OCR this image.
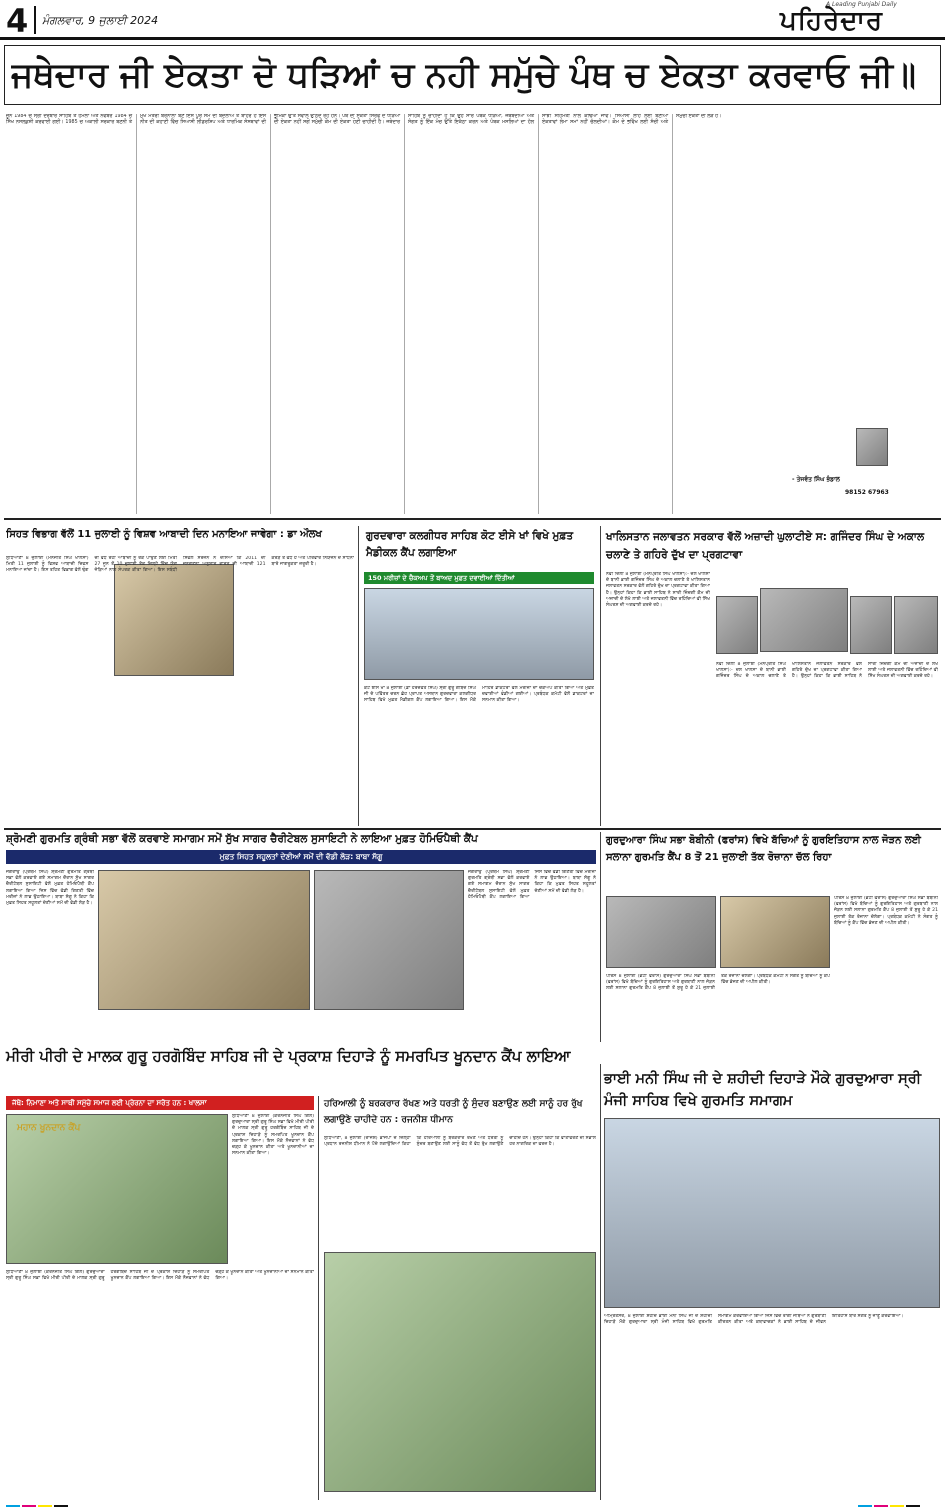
4 ਮੰਗਲਵਾਰ, 9 ਜੁਲਾਈ 2024
A Leading Punjabi Daily
ਪਹਿਰੇਦਾਰ
ਜਥੇਦਾਰ ਜੀ ਏਕਤਾ ਦੋ ਧੜਿਆਂ ਚ ਨਹੀ ਸਮੁੱਚੇ ਪੰਥ ਚ ਏਕਤਾ ਕਰਵਾਓ ਜੀ॥
ਜੂਨ 1984 ਚ ਸ੍ਰੀ ਦਰਬਾਰ ਸਾਹਿਬ ਤੇ ਹਮਲਾ ਅਤੇ ਨਵੰਬਰ 1984 ਚ ਸਿੱਖ ਨਸਲਕੁਸ਼ੀ ਕਰਵਾਈ ਗਈ। 1985 ਚ ਅਕਾਲੀ ਸਰਕਾਰ ਬਣਨੀ ਤੇ ਮੁੱਖ ਮੰਤਰੀ ਬਰਨਾਲਾ ਬਣੇ ਇਸ ਪੂਰੇ ਸਮੇਂ ਦੀ ਬਦਲਾਅ ਤੋਂ ਬਾਹਰ ਹੋ ਇਸ ਨੀਤ ਦੀ ਕਹਾਣੀ ਵਿੱਚ ਸਿਆਸੀ ਲੀਡਰਸ਼ਿਪ ਅਤੇ ਧਾਰਮਿਕ ਸੰਸਥਾਵਾਂ ਦੀ ਭੂਮਿਕਾ ਉੱਤੇ ਸਵਾਲ ਉੱਠਦੇ ਰਹੇ ਹਨ। ਪੰਥ ਦੀ ਏਕਤਾ ਸਿਰਫ ਦੋ ਧੜਿਆਂ ਦੀ ਏਕਤਾ ਨਹੀਂ ਸਗੋਂ ਸਮੁੱਚੀ ਕੌਮ ਦੀ ਏਕਤਾ ਹੋਣੀ ਚਾਹੀਦੀ ਹੈ। ਜਥੇਦਾਰ ਸਾਹਿਬ ਨੂੰ ਚਾਹੀਦਾ ਹੈ ਕਿ ਉਹ ਸਾਰੇ ਪੰਥਕ ਧੜਿਆਂ, ਜਥੇਬੰਦੀਆਂ ਅਤੇ ਸੰਗਤ ਨੂੰ ਇੱਕ ਮੰਚ ਉੱਤੇ ਇਕੱਠਾ ਕਰਨ ਅਤੇ ਪੰਥਕ ਮਸਲਿਆਂ ਦਾ ਹੱਲ ਸਾਂਝੀ ਸਹਿਮਤੀ ਨਾਲ ਕੱਢਿਆ ਜਾਵੇ। ਸਿਆਸੀ ਲਾਹੇ ਲਈ ਬਣੀਆਂ ਏਕਤਾਵਾਂ ਲੰਮਾ ਸਮਾਂ ਨਹੀਂ ਚੱਲਦੀਆਂ। ਕੌਮ ਦੇ ਭਵਿੱਖ ਲਈ ਸੱਚੀ ਅਤੇ ਸਮੁੱਚੀ ਏਕਤਾ ਦੀ ਲੋੜ ਹੈ।
- ਤੇਜਵੰਤ ਸਿੰਘ ਭੰਡਾਲ
98152 67963
ਸਿਹਤ ਵਿਭਾਗ ਵੱਲੋਂ 11 ਜੁਲਾਈ ਨੂੰ ਵਿਸ਼ਵ ਆਬਾਦੀ ਦਿਨ ਮਨਾਇਆ ਜਾਵੇਗਾ : ਡਾ ਔਲਖ
ਲੁਧਿਆਣਾ 8 ਜੁਲਾਈ (ਮਨਜੀਤ ਸਿੰਘ ਖਾਲਸਾ) ਮਿਤੀ 11 ਜੁਲਾਈ ਨੂੰ ਵਿਸ਼ਵ ਆਬਾਦੀ ਦਿਵਸ ਮਨਾਇਆ ਜਾਂਦਾ ਹੈ। ਇਸ ਤਹਿਤ ਵਿਭਾਗ ਵੱਲੋਂ ਢੰਗ ਦੀ ਵੱਧ ਰਹੀ ਆਬਾਦੀ ਨੂੰ ਰੋਕ ਪਾਉਣ ਲਈ ਮਿਤੀ 27 ਜੂਨ ਤੋਂ 10 ਜੁਲਾਈ ਤੱਕ ਜਿਲ੍ਹੇ ਵਿੱਚ ਯੋਗ ਜੋੜਿਆਂ ਨਾਲ ਸੰਪਰਕ ਕੀਤਾ ਗਿਆ। ਇਸ ਸਬੰਧੀ ਸਿਵਲ ਸਰਜਨ ਨੇ ਦੱਸਿਆ ਕਿ 2011 ਦੀ ਜਨਗਣਨਾ ਅਨੁਸਾਰ ਭਾਰਤ ਦੀ ਆਬਾਦੀ 121 ਕਰੋੜ ਤੋਂ ਵੱਧ ਹੈ ਅਤੇ ਪਰਿਵਾਰ ਨਿਯੋਜਨ ਦੇ ਸਾਧਨਾਂ ਬਾਰੇ ਜਾਗਰੂਕਤਾ ਜ਼ਰੂਰੀ ਹੈ।
ਗੁਰਦਵਾਰਾ ਕਲਗੀਧਰ ਸਾਹਿਬ ਕੋਟ ਈਸੇ ਖਾਂ ਵਿਖੇ ਮੁਫ਼ਤ ਮੈਡੀਕਲ ਕੈਂਪ ਲਗਾਇਆ
150 ਮਰੀਜ਼ਾਂ ਦੇ ਚੈਕਅਪ ਤੋਂ ਬਾਅਦ ਮੁਫ਼ਤ ਦਵਾਈਆਂ ਦਿੱਤੀਆਂ
ਕੋਟ ਈਸੇ ਖਾਂ 8 ਜੁਲਾਈ (ਡਾ ਹਰਦਵੰਤ ਸਿੰਘ) ਸ੍ਰੀ ਗੁਰੂ ਗੋਬਿੰਦ ਸਿੰਘ ਜੀ ਦੇ ਪਵਿੱਤਰ ਚਰਨ ਛੋਹ ਪ੍ਰਾਪਤ ਅਸਥਾਨ ਗੁਰਦਵਾਰਾ ਕਲਗੀਧਰ ਸਾਹਿਬ ਵਿਖੇ ਮੁਫ਼ਤ ਮੈਡੀਕਲ ਕੈਂਪ ਲਗਾਇਆ ਗਿਆ। ਇਸ ਮੌਕੇ ਮਾਹਿਰ ਡਾਕਟਰਾਂ ਵੱਲੋਂ ਮਰੀਜ਼ਾਂ ਦਾ ਚੈਕਅਪ ਕੀਤਾ ਗਿਆ ਅਤੇ ਮੁਫ਼ਤ ਦਵਾਈਆਂ ਵੰਡੀਆਂ ਗਈਆਂ। ਪ੍ਰਬੰਧਕ ਕਮੇਟੀ ਵੱਲੋਂ ਡਾਕਟਰਾਂ ਦਾ ਸਨਮਾਨ ਕੀਤਾ ਗਿਆ।
ਖਾਲਿਸਤਾਨ ਜਲਾਵਤਨ ਸਰਕਾਰ ਵੱਲੋਂ ਅਜ਼ਾਦੀ ਘੁਲਾਟੀਏ ਸ: ਗਜਿੰਦਰ ਸਿੰਘ ਦੇ ਅਕਾਲ ਚਲਾਣੇ ਤੇ ਗਹਿਰੇ ਦੁੱਖ ਦਾ ਪ੍ਰਗਟਾਵਾ
ਨਵੀਂ ਦਿੱਲੀ 8 ਜੁਲਾਈ (ਮਨਪ੍ਰੀਤ ਸਿੰਘ ਖਾਲਸਾ):- ਦਲ ਖਾਲਸਾ ਦੇ ਬਾਨੀ ਭਾਈ ਗਜਿੰਦਰ ਸਿੰਘ ਦੇ ਅਕਾਲ ਚਲਾਣੇ ਤੇ ਖਾਲਿਸਤਾਨ ਜਲਾਵਤਨ ਸਰਕਾਰ ਵੱਲੋਂ ਗਹਿਰੇ ਦੁੱਖ ਦਾ ਪ੍ਰਗਟਾਵਾ ਕੀਤਾ ਗਿਆ ਹੈ। ਉਨ੍ਹਾਂ ਕਿਹਾ ਕਿ ਭਾਈ ਸਾਹਿਬ ਨੇ ਸਾਰੀ ਜ਼ਿੰਦਗੀ ਕੌਮ ਦੀ ਅਜ਼ਾਦੀ ਦੇ ਲੇਖੇ ਲਾਈ ਅਤੇ ਜਲਾਵਤਨੀ ਵਿੱਚ ਰਹਿੰਦਿਆਂ ਵੀ ਸਿੱਖ ਸੰਘਰਸ਼ ਦੀ ਅਗਵਾਈ ਕਰਦੇ ਰਹੇ।
ਨਵੀਂ ਦਿੱਲੀ 8 ਜੁਲਾਈ (ਮਨਪ੍ਰੀਤ ਸਿੰਘ ਖਾਲਸਾ):- ਦਲ ਖਾਲਸਾ ਦੇ ਬਾਨੀ ਭਾਈ ਗਜਿੰਦਰ ਸਿੰਘ ਦੇ ਅਕਾਲ ਚਲਾਣੇ ਤੇ ਖਾਲਿਸਤਾਨ ਜਲਾਵਤਨ ਸਰਕਾਰ ਵੱਲੋਂ ਗਹਿਰੇ ਦੁੱਖ ਦਾ ਪ੍ਰਗਟਾਵਾ ਕੀਤਾ ਗਿਆ ਹੈ। ਉਨ੍ਹਾਂ ਕਿਹਾ ਕਿ ਭਾਈ ਸਾਹਿਬ ਨੇ ਸਾਰੀ ਜ਼ਿੰਦਗੀ ਕੌਮ ਦੀ ਅਜ਼ਾਦੀ ਦੇ ਲੇਖੇ ਲਾਈ ਅਤੇ ਜਲਾਵਤਨੀ ਵਿੱਚ ਰਹਿੰਦਿਆਂ ਵੀ ਸਿੱਖ ਸੰਘਰਸ਼ ਦੀ ਅਗਵਾਈ ਕਰਦੇ ਰਹੇ।
ਸ਼੍ਰੋਮਣੀ ਗੁਰਮਤਿ ਗ੍ਰੰਥੀ ਸਭਾ ਵੱਲੋਂ ਕਰਵਾਏ ਸਮਾਗਮ ਸਮੇਂ ਸੁੱਖ ਸਾਗਰ ਚੈਰੀਟੇਬਲ ਸੁਸਾਇਟੀ ਨੇ ਲਾਇਆ ਮੁਫ਼ਤ ਹੋਮਿਓਪੈਥੀ ਕੈਂਪ
ਮੁਫ਼ਤ ਸਿਹਤ ਸਹੂਲਤਾਂ ਦੇਣੀਆਂ ਸਮੇਂ ਦੀ ਵੱਡੀ ਲੋੜ: ਬਾਬਾ ਸੱਗੂ
ਜਗਰਾਉਂ (ਪ੍ਰਥਮ ਸਿੰਘ) ਸ਼੍ਰੋਮਣੀ ਗੁਰਮਤਿ ਗ੍ਰੰਥੀ ਸਭਾ ਵੱਲੋਂ ਕਰਵਾਏ ਗਏ ਸਮਾਗਮ ਦੌਰਾਨ ਸੁੱਖ ਸਾਗਰ ਚੈਰੀਟੇਬਲ ਸੁਸਾਇਟੀ ਵੱਲੋਂ ਮੁਫ਼ਤ ਹੋਮਿਓਪੈਥੀ ਕੈਂਪ ਲਗਾਇਆ ਗਿਆ ਜਿਸ ਵਿੱਚ ਵੱਡੀ ਗਿਣਤੀ ਵਿੱਚ ਮਰੀਜ਼ਾਂ ਨੇ ਲਾਭ ਉਠਾਇਆ। ਬਾਬਾ ਸੱਗੂ ਨੇ ਕਿਹਾ ਕਿ ਮੁਫ਼ਤ ਸਿਹਤ ਸਹੂਲਤਾਂ ਦੇਣੀਆਂ ਸਮੇਂ ਦੀ ਵੱਡੀ ਲੋੜ ਹੈ।
ਜਗਰਾਉਂ (ਪ੍ਰਥਮ ਸਿੰਘ) ਸ਼੍ਰੋਮਣੀ ਗੁਰਮਤਿ ਗ੍ਰੰਥੀ ਸਭਾ ਵੱਲੋਂ ਕਰਵਾਏ ਗਏ ਸਮਾਗਮ ਦੌਰਾਨ ਸੁੱਖ ਸਾਗਰ ਚੈਰੀਟੇਬਲ ਸੁਸਾਇਟੀ ਵੱਲੋਂ ਮੁਫ਼ਤ ਹੋਮਿਓਪੈਥੀ ਕੈਂਪ ਲਗਾਇਆ ਗਿਆ ਜਿਸ ਵਿੱਚ ਵੱਡੀ ਗਿਣਤੀ ਵਿੱਚ ਮਰੀਜ਼ਾਂ ਨੇ ਲਾਭ ਉਠਾਇਆ। ਬਾਬਾ ਸੱਗੂ ਨੇ ਕਿਹਾ ਕਿ ਮੁਫ਼ਤ ਸਿਹਤ ਸਹੂਲਤਾਂ ਦੇਣੀਆਂ ਸਮੇਂ ਦੀ ਵੱਡੀ ਲੋੜ ਹੈ।
ਗੁਰਦੁਆਰਾ ਸਿੰਘ ਸਭਾ ਬੋਬੀਨੀ (ਫਰਾਂਸ) ਵਿਖੇ ਬੱਚਿਆਂ ਨੂੰ ਗੁਰਇਤਿਹਾਸ ਨਾਲ ਜੋੜਨ ਲਈ ਸਲਾਨਾ ਗੁਰਮਤਿ ਕੈਂਪ 8 ਤੋਂ 21 ਜੁਲਾਈ ਤੱਕ ਰੋਜ਼ਾਨਾ ਚੱਲ ਰਿਹਾ
ਪੈਰਿਸ 8 ਜੁਲਾਈ (ਭੱਟੀ ਫਰਾਂਸ) ਗੁਰਦੁਆਰਾ ਸਿੰਘ ਸਭਾ ਬੋਬੀਨੀ (ਫਰਾਂਸ) ਵਿਖੇ ਬੱਚਿਆਂ ਨੂੰ ਗੁਰਇਤਿਹਾਸ ਅਤੇ ਗੁਰਬਾਣੀ ਨਾਲ ਜੋੜਨ ਲਈ ਸਲਾਨਾ ਗੁਰਮਤਿ ਕੈਂਪ 8 ਜੁਲਾਈ ਤੋਂ ਸ਼ੁਰੂ ਹੋ ਕੇ 21 ਜੁਲਾਈ ਤੱਕ ਰੋਜ਼ਾਨਾ ਚੱਲੇਗਾ। ਪ੍ਰਬੰਧਕ ਕਮੇਟੀ ਨੇ ਸੰਗਤ ਨੂੰ ਬੱਚਿਆਂ ਨੂੰ ਕੈਂਪ ਵਿੱਚ ਭੇਜਣ ਦੀ ਅਪੀਲ ਕੀਤੀ।
ਪੈਰਿਸ 8 ਜੁਲਾਈ (ਭੱਟੀ ਫਰਾਂਸ) ਗੁਰਦੁਆਰਾ ਸਿੰਘ ਸਭਾ ਬੋਬੀਨੀ (ਫਰਾਂਸ) ਵਿਖੇ ਬੱਚਿਆਂ ਨੂੰ ਗੁਰਇਤਿਹਾਸ ਅਤੇ ਗੁਰਬਾਣੀ ਨਾਲ ਜੋੜਨ ਲਈ ਸਲਾਨਾ ਗੁਰਮਤਿ ਕੈਂਪ 8 ਜੁਲਾਈ ਤੋਂ ਸ਼ੁਰੂ ਹੋ ਕੇ 21 ਜੁਲਾਈ ਤੱਕ ਰੋਜ਼ਾਨਾ ਚੱਲੇਗਾ। ਪ੍ਰਬੰਧਕ ਕਮੇਟੀ ਨੇ ਸੰਗਤ ਨੂੰ ਬੱਚਿਆਂ ਨੂੰ ਕੈਂਪ ਵਿੱਚ ਭੇਜਣ ਦੀ ਅਪੀਲ ਕੀਤੀ।
ਮੀਰੀ ਪੀਰੀ ਦੇ ਮਾਲਕ ਗੁਰੂ ਹਰਗੋਬਿੰਦ ਸਾਹਿਬ ਜੀ ਦੇ ਪ੍ਰਕਾਸ਼ ਦਿਹਾੜੇ ਨੂੰ ਸਮਰਪਿਤ ਖੂਨਦਾਨ ਕੈਂਪ ਲਾਇਆ
ਜੱਥੇ: ਨਿਮਾਣਾ ਅਤੇ ਸਾਥੀ ਸਮੁੱਚੇ ਸਮਾਜ ਲਈ ਪ੍ਰੇਰਨਾ ਦਾ ਸਰੋਤ ਹਨ : ਖਾਲਸਾ
ਮਹਾਨ ਖੂਨਦਾਨ ਕੈਂਪ
ਲੁਧਿਆਣਾ 8 ਜੁਲਾਈ (ਕਰਨਜੀਤ ਸਿੰਘ ਗਿੱਲ) ਗੁਰਦੁਆਰਾ ਸ੍ਰੀ ਗੁਰੂ ਸਿੰਘ ਸਭਾ ਵਿਖੇ ਮੀਰੀ ਪੀਰੀ ਦੇ ਮਾਲਕ ਸ੍ਰੀ ਗੁਰੂ ਹਰਗੋਬਿੰਦ ਸਾਹਿਬ ਜੀ ਦੇ ਪ੍ਰਕਾਸ਼ ਦਿਹਾੜੇ ਨੂੰ ਸਮਰਪਿਤ ਖੂਨਦਾਨ ਕੈਂਪ ਲਗਾਇਆ ਗਿਆ। ਇਸ ਮੌਕੇ ਨੌਜਵਾਨਾਂ ਨੇ ਵੱਧ ਚੜ੍ਹ ਕੇ ਖੂਨਦਾਨ ਕੀਤਾ ਅਤੇ ਖੂਨਦਾਨੀਆਂ ਦਾ ਸਨਮਾਨ ਕੀਤਾ ਗਿਆ।
ਲੁਧਿਆਣਾ 8 ਜੁਲਾਈ (ਕਰਨਜੀਤ ਸਿੰਘ ਗਿੱਲ) ਗੁਰਦੁਆਰਾ ਸ੍ਰੀ ਗੁਰੂ ਸਿੰਘ ਸਭਾ ਵਿਖੇ ਮੀਰੀ ਪੀਰੀ ਦੇ ਮਾਲਕ ਸ੍ਰੀ ਗੁਰੂ ਹਰਗੋਬਿੰਦ ਸਾਹਿਬ ਜੀ ਦੇ ਪ੍ਰਕਾਸ਼ ਦਿਹਾੜੇ ਨੂੰ ਸਮਰਪਿਤ ਖੂਨਦਾਨ ਕੈਂਪ ਲਗਾਇਆ ਗਿਆ। ਇਸ ਮੌਕੇ ਨੌਜਵਾਨਾਂ ਨੇ ਵੱਧ ਚੜ੍ਹ ਕੇ ਖੂਨਦਾਨ ਕੀਤਾ ਅਤੇ ਖੂਨਦਾਨੀਆਂ ਦਾ ਸਨਮਾਨ ਕੀਤਾ ਗਿਆ।
ਹਰਿਆਲੀ ਨੂੰ ਬਰਕਰਾਰ ਰੱਖਣ ਅਤੇ ਧਰਤੀ ਨੂੰ ਸੁੰਦਰ ਬਣਾਉਣ ਲਈ ਸਾਨੂੰ ਹਰ ਰੁੱਖ ਲਗਾਉਣੇ ਚਾਹੀਦੇ ਹਨ : ਰਜਨੀਸ਼ ਧੀਮਾਨ
ਲੁਧਿਆਣਾ, 8 ਜੁਲਾਈ (ਰਾਜੇਸ਼) ਭਾਜਪਾ ਦੇ ਜ਼ਿਲ੍ਹਾ ਪ੍ਰਧਾਨ ਰਜਨੀਸ਼ ਧੀਮਾਨ ਨੇ ਪੌਦੇ ਲਗਾਉਂਦਿਆਂ ਕਿਹਾ ਕਿ ਹਰਿਆਲੀ ਨੂੰ ਬਰਕਰਾਰ ਰੱਖਣ ਅਤੇ ਧਰਤੀ ਨੂੰ ਸੁੰਦਰ ਬਣਾਉਣ ਲਈ ਸਾਨੂੰ ਵੱਧ ਤੋਂ ਵੱਧ ਰੁੱਖ ਲਗਾਉਣੇ ਚਾਹੀਦੇ ਹਨ। ਉਨ੍ਹਾਂ ਕਿਹਾ ਕਿ ਵਾਤਾਵਰਣ ਦੀ ਸੰਭਾਲ ਹਰ ਨਾਗਰਿਕ ਦਾ ਫਰਜ਼ ਹੈ।
ਭਾਈ ਮਨੀ ਸਿੰਘ ਜੀ ਦੇ ਸ਼ਹੀਦੀ ਦਿਹਾੜੇ ਮੌਕੇ ਗੁਰਦੁਆਰਾ ਸ੍ਰੀ ਮੰਜੀ ਸਾਹਿਬ ਵਿਖੇ ਗੁਰਮਤਿ ਸਮਾਗਮ
ਅੰਮ੍ਰਿਤਸਰ, 8 ਜੁਲਾਈ ਸ਼ਹੀਦ ਭਾਈ ਮਨੀ ਸਿੰਘ ਜੀ ਦੇ ਸ਼ਹੀਦੀ ਦਿਹਾੜੇ ਮੌਕੇ ਗੁਰਦੁਆਰਾ ਸ੍ਰੀ ਮੰਜੀ ਸਾਹਿਬ ਵਿਖੇ ਗੁਰਮਤਿ ਸਮਾਗਮ ਕਰਵਾਇਆ ਗਿਆ ਜਿਸ ਵਿੱਚ ਰਾਗੀ ਜਥਿਆਂ ਨੇ ਗੁਰਬਾਣੀ ਕੀਰਤਨ ਕੀਤਾ ਅਤੇ ਕਥਾਵਾਚਕਾਂ ਨੇ ਭਾਈ ਸਾਹਿਬ ਦੇ ਜੀਵਨ ਇਤਿਹਾਸ ਬਾਰੇ ਸੰਗਤ ਨੂੰ ਜਾਣੂ ਕਰਵਾਇਆ।
